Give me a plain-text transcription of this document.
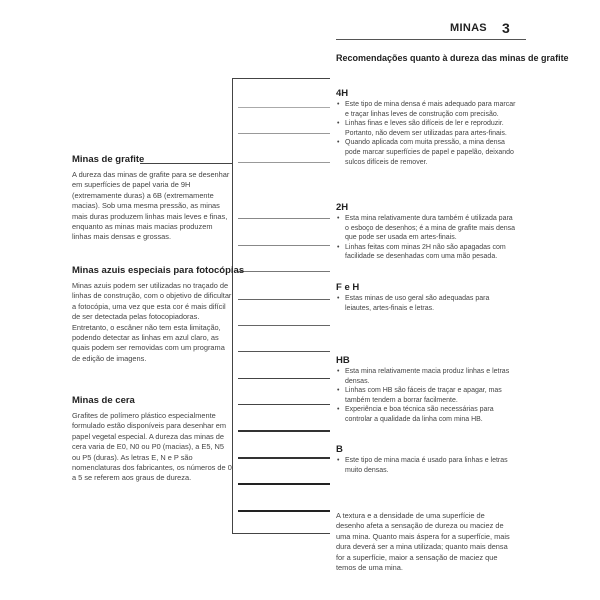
MINAS 3
Recomendações quanto à dureza das minas de grafite
Minas de grafite
A dureza das minas de grafite para se desenhar em superfícies de papel varia de 9H (extremamente duras) a 6B (extremamente macias). Sob uma mesma pressão, as minas mais duras produzem linhas mais leves e finas, enquanto as minas mais macias produzem linhas mais densas e grossas.
Minas azuis especiais para fotocópias
Minas azuis podem ser utilizadas no traçado de linhas de construção, com o objetivo de dificultar a fotocópia, uma vez que esta cor é mais difícil de ser detectada pelas fotocopiadoras. Entretanto, o escâner não tem esta limitação, podendo detectar as linhas em azul claro, as quais podem ser removidas com um programa de edição de imagens.
Minas de cera
Grafites de polímero plástico especialmente formulado estão disponíveis para desenhar em papel vegetal especial. A dureza das minas de cera varia de E0, N0 ou P0 (macias), a E5, N5 ou P5 (duras). As letras E, N e P são nomenclaturas dos fabricantes, os números de 0 a 5 se referem aos graus de dureza.
4H
• Este tipo de mina densa é mais adequado para marcar e traçar linhas leves de construção com precisão.
• Linhas finas e leves são difíceis de ler e reproduzir. Portanto, não devem ser utilizadas para artes-finais.
• Quando aplicada com muita pressão, a mina densa pode marcar superfícies de papel e papelão, deixando sulcos difíceis de remover.
2H
• Esta mina relativamente dura também é utilizada para o esboço de desenhos; é a mina de grafite mais densa que pode ser usada em artes-finais.
• Linhas feitas com minas 2H não são apagadas com facilidade se desenhadas com uma mão pesada.
F e H
• Estas minas de uso geral são adequadas para leiautes, artes-finais e letras.
HB
• Esta mina relativamente macia produz linhas e letras densas.
• Linhas com HB são fáceis de traçar e apagar, mas também tendem a borrar facilmente.
• Experiência e boa técnica são necessárias para controlar a qualidade da linha com mina HB.
B
• Este tipo de mina macia é usado para linhas e letras muito densas.
A textura e a densidade de uma superfície de desenho afeta a sensação de dureza ou maciez de uma mina. Quanto mais áspera for a superfície, mais dura deverá ser a mina utilizada; quanto mais densa for a superfície, maior a sensação de maciez que temos de uma mina.
